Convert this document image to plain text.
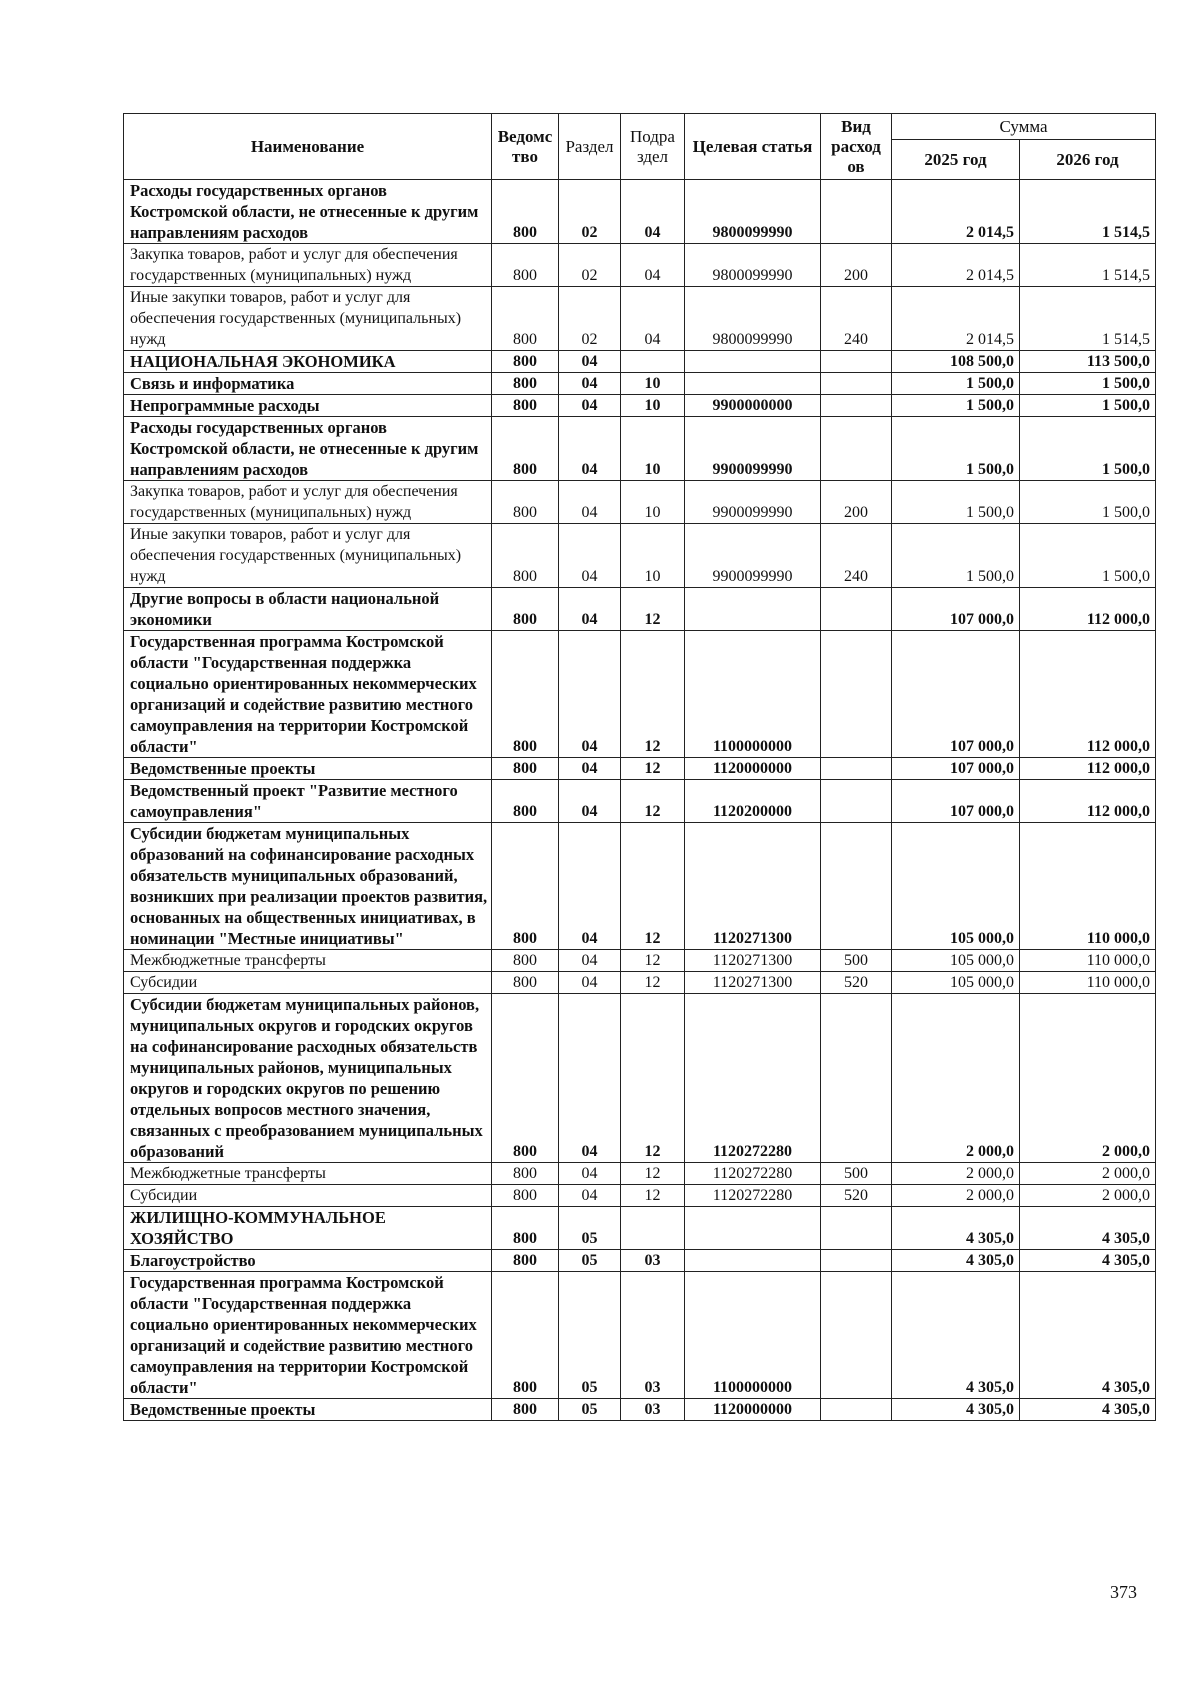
Наименование	Ведомс тво	Раздел	Подра здел	Целевая статья	Вид расход ов	Сумма	
						2025 год	2026 год
Расходы государственных органов Костромской области, не отнесенные к другим направлениям расходов	800	02	04	9800099990		2 014,5	1 514,5
Закупка товаров, работ и услуг для обеспечения государственных (муниципальных) нужд	800	02	04	9800099990	200	2 014,5	1 514,5
Иные закупки товаров, работ и услуг для обеспечения государственных (муниципальных) нужд	800	02	04	9800099990	240	2 014,5	1 514,5
НАЦИОНАЛЬНАЯ ЭКОНОМИКА	800	04				108 500,0	113 500,0
Связь и информатика	800	04	10			1 500,0	1 500,0
Непрограммные расходы	800	04	10	9900000000		1 500,0	1 500,0
Расходы государственных органов Костромской области, не отнесенные к другим направлениям расходов	800	04	10	9900099990		1 500,0	1 500,0
Закупка товаров, работ и услуг для обеспечения государственных (муниципальных) нужд	800	04	10	9900099990	200	1 500,0	1 500,0
Иные закупки товаров, работ и услуг для обеспечения государственных (муниципальных) нужд	800	04	10	9900099990	240	1 500,0	1 500,0
Другие вопросы в области национальной экономики	800	04	12			107 000,0	112 000,0
Государственная программа Костромской области "Государственная поддержка социально ориентированных некоммерческих организаций и содействие развитию местного самоуправления на территории Костромской области"	800	04	12	1100000000		107 000,0	112 000,0
Ведомственные проекты	800	04	12	1120000000		107 000,0	112 000,0
Ведомственный проект "Развитие местного самоуправления"	800	04	12	1120200000		107 000,0	112 000,0
Субсидии бюджетам муниципальных образований на софинансирование расходных обязательств муниципальных образований, возникших при реализации проектов развития, основанных на общественных инициативах, в номинации "Местные инициативы"	800	04	12	1120271300		105 000,0	110 000,0
Межбюджетные трансферты	800	04	12	1120271300	500	105 000,0	110 000,0
Субсидии	800	04	12	1120271300	520	105 000,0	110 000,0
Субсидии бюджетам муниципальных районов, муниципальных округов и городских округов на софинансирование расходных обязательств муниципальных районов, муниципальных округов и городских округов по решению отдельных вопросов местного значения, связанных с преобразованием муниципальных образований	800	04	12	1120272280		2 000,0	2 000,0
Межбюджетные трансферты	800	04	12	1120272280	500	2 000,0	2 000,0
Субсидии	800	04	12	1120272280	520	2 000,0	2 000,0
ЖИЛИЩНО-КОММУНАЛЬНОЕ ХОЗЯЙСТВО	800	05				4 305,0	4 305,0
Благоустройство	800	05	03			4 305,0	4 305,0
Государственная программа Костромской области "Государственная поддержка социально ориентированных некоммерческих организаций и содействие развитию местного самоуправления на территории Костромской области"	800	05	03	1100000000		4 305,0	4 305,0
Ведомственные проекты	800	05	03	1120000000		4 305,0	4 305,0
373
